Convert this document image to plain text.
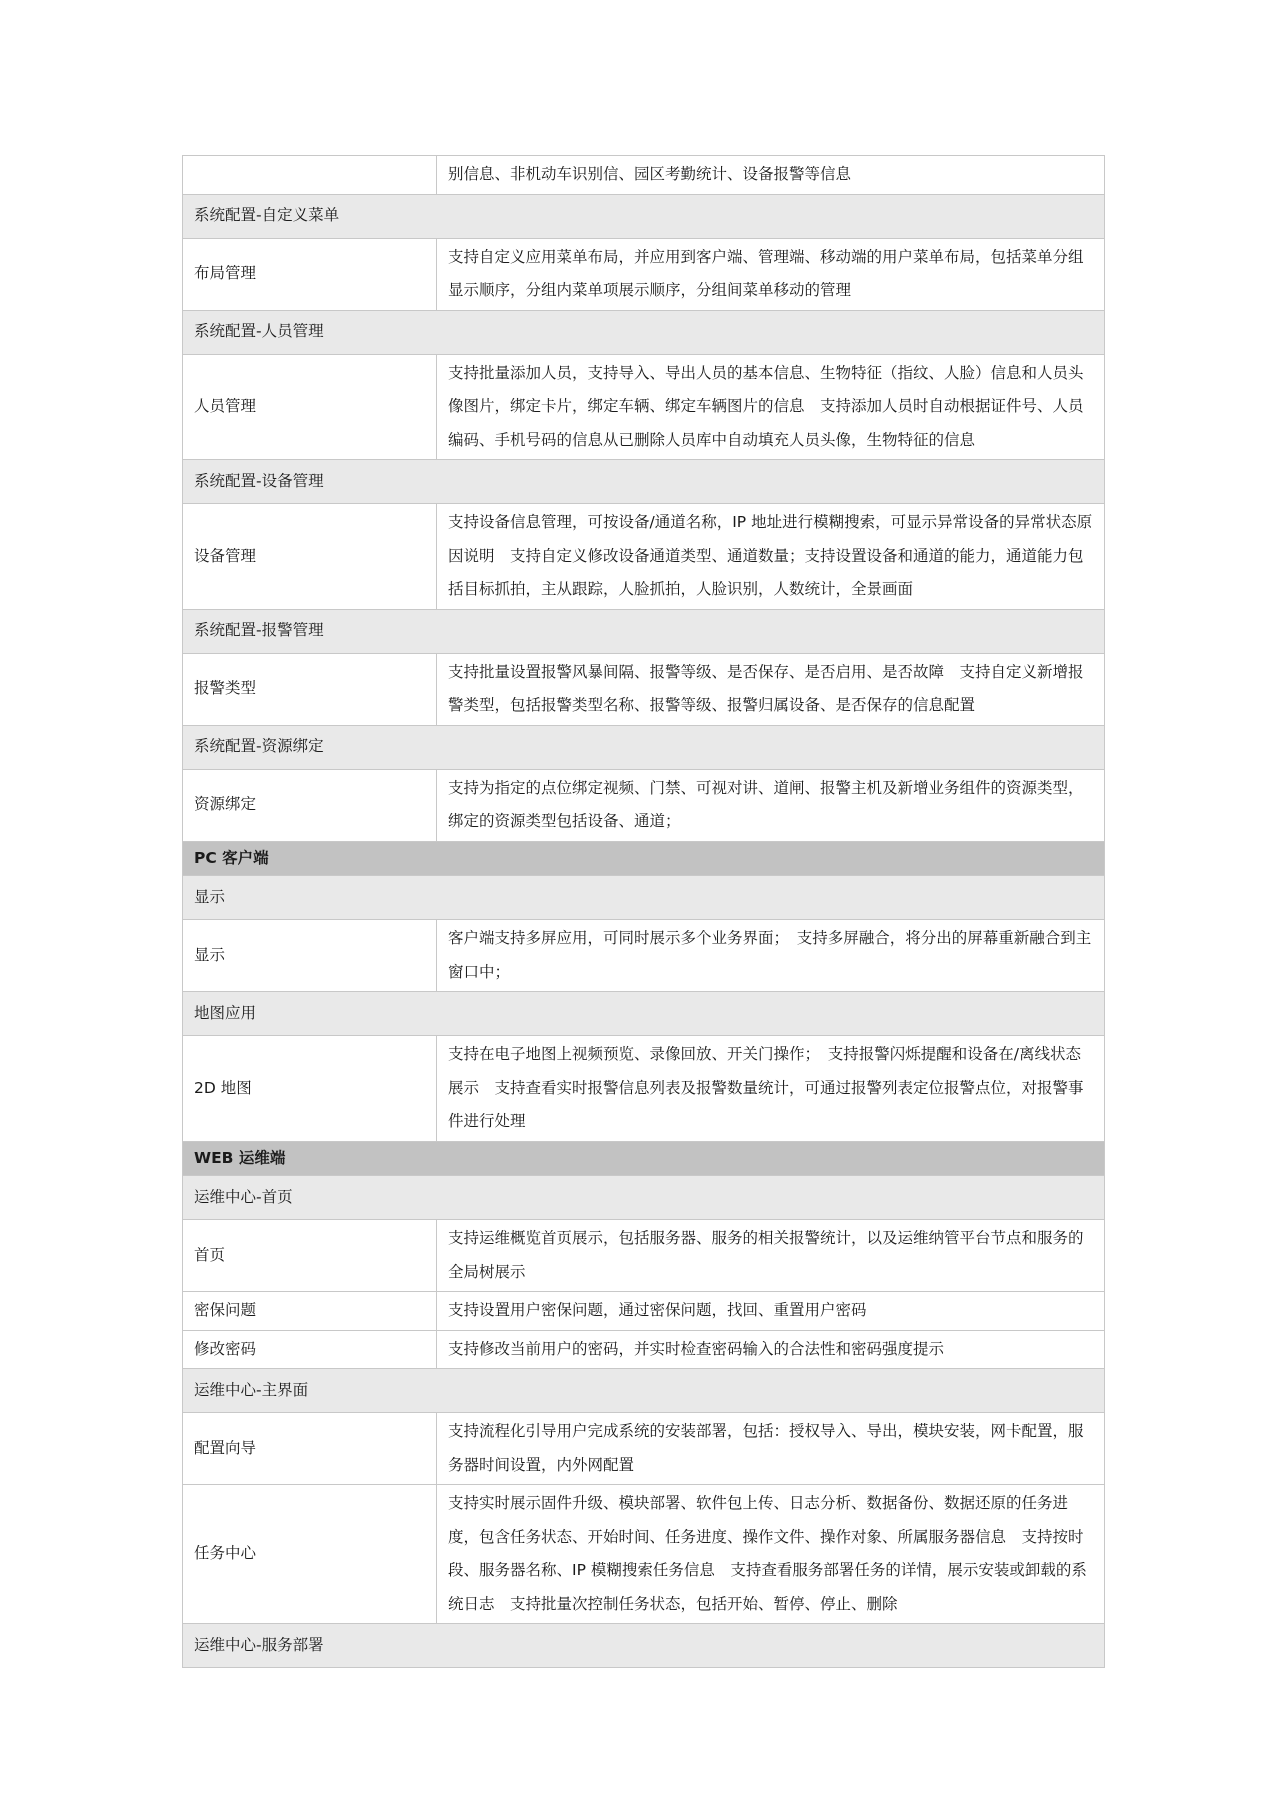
	别信息、非机动车识别信、园区考勤统计、设备报警等信息
系统配置-自定义菜单	
布局管理	支持自定义应用菜单布局，并应用到客户端、管理端、移动端的用户菜单布局，包括菜单分组显示顺序，分组内菜单项展示顺序，分组间菜单移动的管理
系统配置-人员管理	
人员管理	支持批量添加人员，支持导入、导出人员的基本信息、生物特征（指纹、人脸）信息和人员头像图片，绑定卡片，绑定车辆、绑定车辆图片的信息　支持添加人员时自动根据证件号、人员编码、手机号码的信息从已删除人员库中自动填充人员头像，生物特征的信息
系统配置-设备管理	
设备管理	支持设备信息管理，可按设备/通道名称，IP 地址进行模糊搜索，可显示异常设备的异常状态原因说明　支持自定义修改设备通道类型、通道数量；支持设置设备和通道的能力，通道能力包括目标抓拍，主从跟踪，人脸抓拍，人脸识别，人数统计，全景画面
系统配置-报警管理	
报警类型	支持批量设置报警风暴间隔、报警等级、是否保存、是否启用、是否故障　支持自定义新增报警类型，包括报警类型名称、报警等级、报警归属设备、是否保存的信息配置
系统配置-资源绑定	
资源绑定	支持为指定的点位绑定视频、门禁、可视对讲、道闸、报警主机及新增业务组件的资源类型，绑定的资源类型包括设备、通道；
PC 客户端	
显示	
显示	客户端支持多屏应用，可同时展示多个业务界面；　支持多屏融合，将分出的屏幕重新融合到主窗口中；
地图应用	
2D 地图	支持在电子地图上视频预览、录像回放、开关门操作；　支持报警闪烁提醒和设备在/离线状态展示　支持查看实时报警信息列表及报警数量统计，可通过报警列表定位报警点位，对报警事件进行处理
WEB 运维端	
运维中心-首页	
首页	支持运维概览首页展示，包括服务器、服务的相关报警统计，以及运维纳管平台节点和服务的全局树展示
密保问题	支持设置用户密保问题，通过密保问题，找回、重置用户密码
修改密码	支持修改当前用户的密码，并实时检查密码输入的合法性和密码强度提示
运维中心-主界面	
配置向导	支持流程化引导用户完成系统的安装部署，包括：授权导入、导出，模块安装，网卡配置，服务器时间设置，内外网配置
任务中心	支持实时展示固件升级、模块部署、软件包上传、日志分析、数据备份、数据还原的任务进度，包含任务状态、开始时间、任务进度、操作文件、操作对象、所属服务器信息　支持按时段、服务器名称、IP 模糊搜索任务信息　支持查看服务部署任务的详情，展示安装或卸载的系统日志　支持批量次控制任务状态，包括开始、暂停、停止、删除
运维中心-服务部署	
